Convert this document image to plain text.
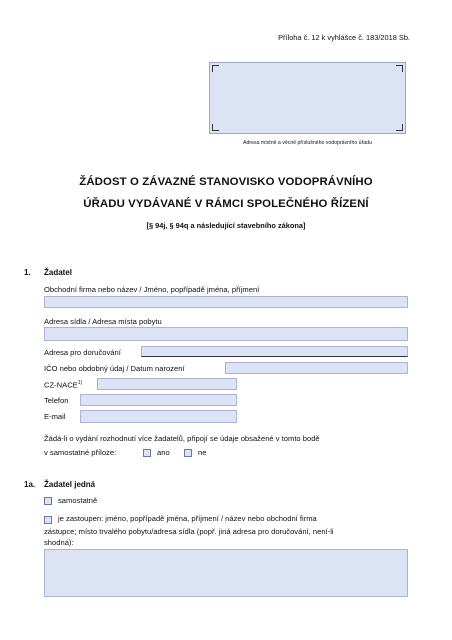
Příloha č. 12 k vyhlášce č. 183/2018 Sb.
Adresa místně a věcně příslušného vodoprávního úřadu
ŽÁDOST O ZÁVAZNÉ STANOVISKO VODOPRÁVNÍHO
ÚŘADU VYDÁVANÉ V RÁMCI SPOLEČNÉHO ŘÍZENÍ
[§ 94j, § 94q a následující stavebního zákona]
1. Žadatel
Obchodní firma nebo název / Jméno, popřípadě jména, příjmení
Adresa sídla / Adresa místa pobytu
Adresa pro doručování
IČO nebo obdobný údaj / Datum narození
CZ-NACE$^{1)}$
Telefon
E-mail
Žádá-li o vydání rozhodnutí více žadatelů, připojí se údaje obsažené v tomto bodě
v samostatné příloze:	ano	ne
1a. Žadatel jedná
samostatně
je zastoupen: jméno, popřípadě jména, příjmení / název nebo obchodní firma
zástupce; místo trvalého pobytu/adresa sídla (popř. jiná adresa pro doručování, není-li
shodná):
